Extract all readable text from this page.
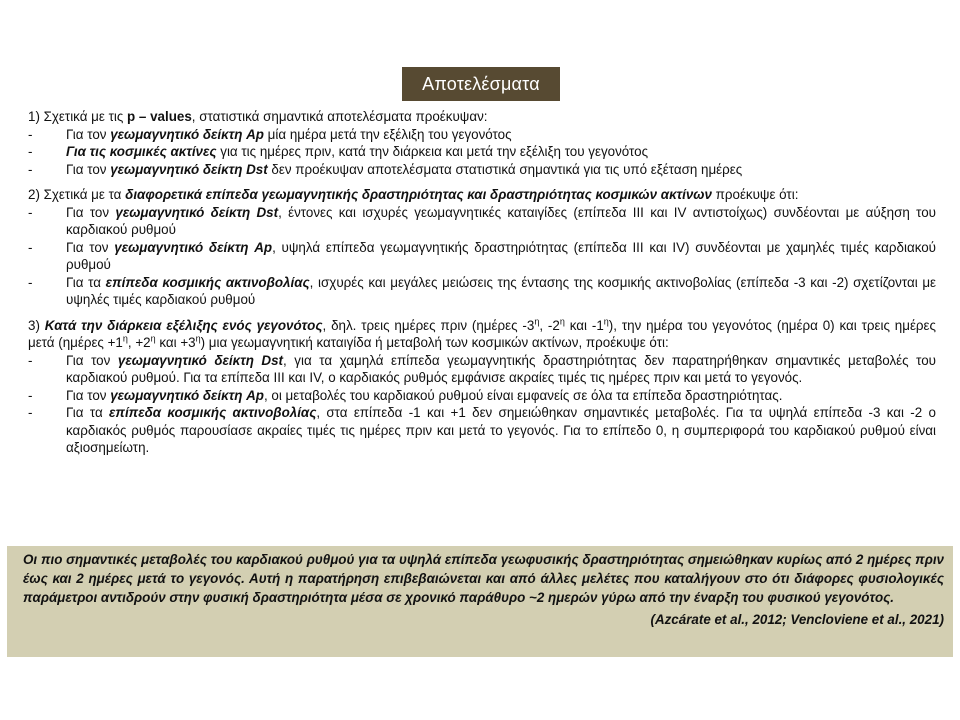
Αποτελέσματα
1) Σχετικά με τις p – values, στατιστικά σημαντικά αποτελέσματα προέκυψαν:
-	Για τον γεωμαγνητικό δείκτη Ap μία ημέρα μετά την εξέλιξη του γεγονότος
-	Για τις κοσμικές ακτίνες για τις ημέρες πριν, κατά την διάρκεια και μετά την εξέλιξη του γεγονότος
-	Για τον γεωμαγνητικό δείκτη Dst δεν προέκυψαν αποτελέσματα στατιστικά σημαντικά για τις υπό εξέταση ημέρες
2) Σχετικά με τα διαφορετικά επίπεδα γεωμαγνητικής δραστηριότητας και δραστηριότητας κοσμικών ακτίνων προέκυψε ότι:
-	Για τον γεωμαγνητικό δείκτη Dst, έντονες και ισχυρές γεωμαγνητικές καταιγίδες (επίπεδα III και IV αντιστοίχως) συνδέονται με αύξηση του καρδιακού ρυθμού
-	Για τον γεωμαγνητικό δείκτη Ap, υψηλά επίπεδα γεωμαγνητικής δραστηριότητας (επίπεδα III και IV) συνδέονται με χαμηλές τιμές καρδιακού ρυθμού
-	Για τα επίπεδα κοσμικής ακτινοβολίας, ισχυρές και μεγάλες μειώσεις της έντασης της κοσμικής ακτινοβολίας (επίπεδα -3 και -2) σχετίζονται με υψηλές τιμές καρδιακού ρυθμού
3) Κατά την διάρκεια εξέλιξης ενός γεγονότος, δηλ. τρεις ημέρες πριν (ημέρες $-3^\eta$, $-2^\eta$ και $-1^\eta$), την ημέρα του γεγονότος (ημέρα 0) και τρεις ημέρες μετά ($\eta\mu έ\rho\varepsilon\varsigma +1^\eta$, $+2^\eta$ $\kappa\alpha\iota +3^\eta$) μια γεωμαγνητική καταιγίδα ή μεταβολή των κοσμικών ακτίνων, προέκυψε ότι:
-	Για τον γεωμαγνητικό δείκτη Dst, για τα χαμηλά επίπεδα γεωμαγνητικής δραστηριότητας δεν παρατηρήθηκαν σημαντικές μεταβολές του καρδιακού ρυθμού. Για τα επίπεδα III και IV, ο καρδιακός ρυθμός εμφάνισε ακραίες τιμές τις ημέρες πριν και μετά το γεγονός.
-	Για τον γεωμαγνητικό δείκτη Ap, οι μεταβολές του καρδιακού ρυθμού είναι εμφανείς σε όλα τα επίπεδα δραστηριότητας.
-	Για τα επίπεδα κοσμικής ακτινοβολίας, στα επίπεδα -1 και +1 δεν σημειώθηκαν σημαντικές μεταβολές. Για τα υψηλά επίπεδα -3 και -2 ο καρδιακός ρυθμός παρουσίασε ακραίες τιμές τις ημέρες πριν και μετά το γεγονός. Για το επίπεδο 0, η συμπεριφορά του καρδιακού ρυθμού είναι αξιοσημείωτη.
Οι πιο σημαντικές μεταβολές του καρδιακού ρυθμού για τα υψηλά επίπεδα γεωφυσικής δραστηριότητας σημειώθηκαν κυρίως από 2 ημέρες πριν έως και 2 ημέρες μετά το γεγονός. Αυτή η παρατήρηση επιβεβαιώνεται και από άλλες μελέτες που καταλήγουν στο ότι διάφορες φυσιολογικές παράμετροι αντιδρούν στην φυσική δραστηριότητα μέσα σε χρονικό παράθυρο ~2 ημερών γύρω από την έναρξη του φυσικού γεγονότος.
(Azcárate et al., 2012; Vencloviene et al., 2021)
